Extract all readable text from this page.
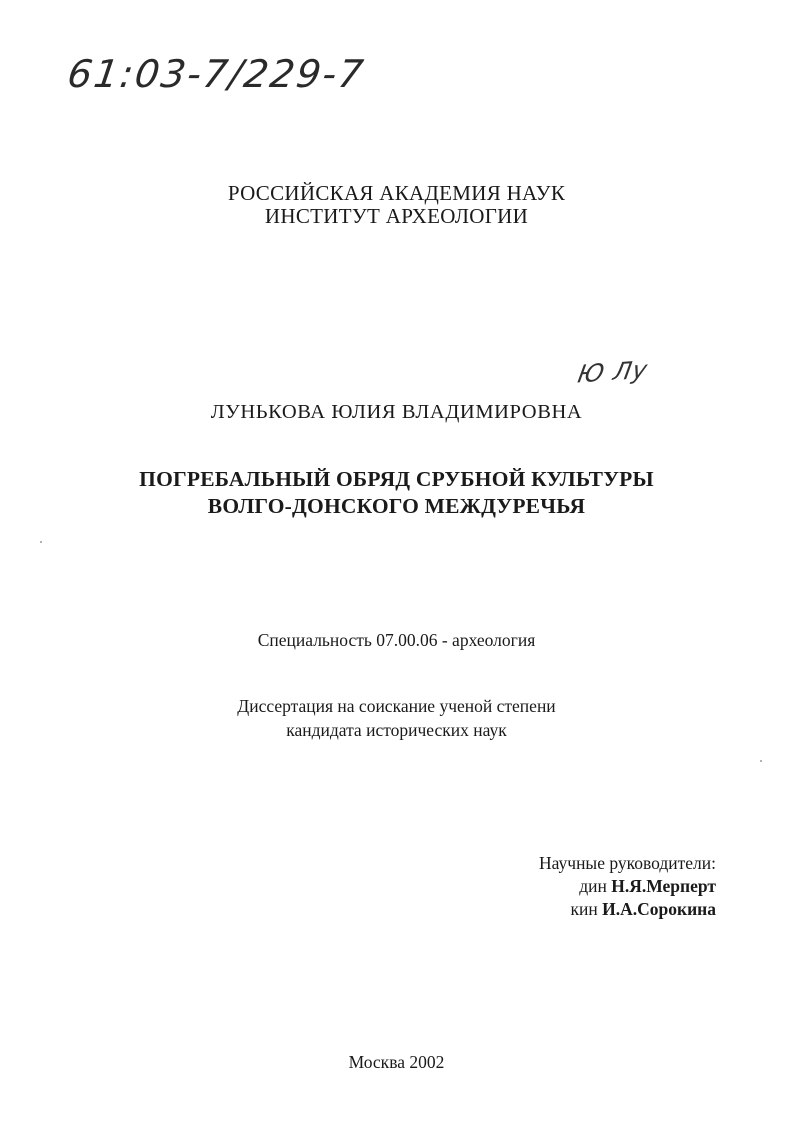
61:03-7/229-7
РОССИЙСКАЯ АКАДЕМИЯ НАУК
ИНСТИТУТ АРХЕОЛОГИИ
Ю Лу
ЛУНЬКОВА ЮЛИЯ ВЛАДИМИРОВНА
ПОГРЕБАЛЬНЫЙ ОБРЯД СРУБНОЙ КУЛЬТУРЫ
ВОЛГО-ДОНСКОГО МЕЖДУРЕЧЬЯ
Специальность 07.00.06 - археология
Диссертация на соискание ученой степени
кандидата исторических наук
Научные руководители:
дин Н.Я.Мерперт
кин И.А.Сорокина
Москва 2002
